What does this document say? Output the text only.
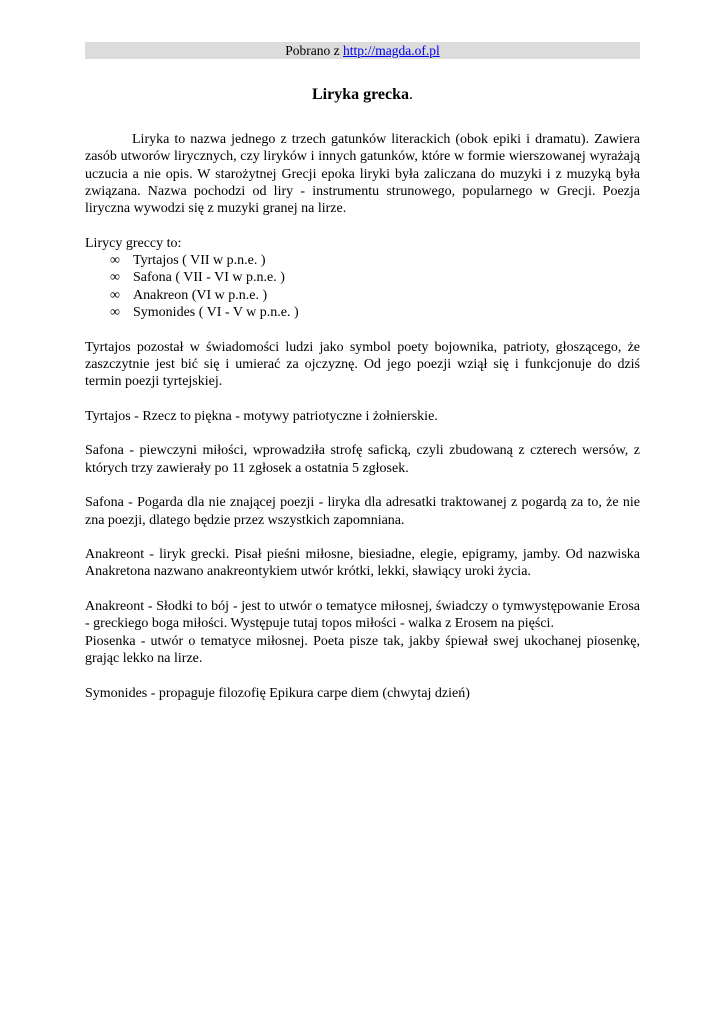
Pobrano z http://magda.of.pl
Liryka grecka.

Liryka to nazwa jednego z trzech gatunków literackich (obok epiki i dramatu). Zawiera zasób utworów lirycznych, czy liryków i innych gatunków, które w formie wierszowanej wyrażają uczucia a nie opis. W starożytnej Grecji epoka liryki była zaliczana do muzyki i z muzyką była związana. Nazwa pochodzi od liry - instrumentu strunowego, popularnego w Grecji. Poezja liryczna wywodzi się z muzyki granej na lirze.

Lirycy greccy to:

∞ Tyrtajos ( VII w p.n.e. )
∞ Safona ( VII - VI w p.n.e. )
∞ Anakreon (VI w p.n.e. )
∞ Symonides ( VI - V w p.n.e. )

Tyrtajos pozostał w świadomości ludzi jako symbol poety bojownika, patrioty, głoszącego, że zaszczytnie jest bić się i umierać za ojczyznę. Od jego poezji wziął się i funkcjonuje do dziś termin poezji tyrtejskiej.

Tyrtajos - Rzecz to piękna - motywy patriotyczne i żołnierskie.

Safona - piewczyni miłości, wprowadziła strofę saficką, czyli zbudowaną z czterech wersów, z których trzy zawierały po 11 zgłosek a ostatnia 5 zgłosek.

Safona - Pogarda dla nie znającej poezji - liryka dla adresatki traktowanej z pogardą za to, że nie zna poezji, dlatego będzie przez wszystkich zapomniana.

Anakreont - liryk grecki. Pisał pieśni miłosne, biesiadne, elegie, epigramy, jamby. Od nazwiska Anakretona nazwano anakreontykiem utwór krótki, lekki, sławiący uroki życia.

Anakreont - Słodki to bój - jest to utwór o tematyce miłosnej, świadczy o tymwystępowanie Erosa - greckiego boga miłości. Występuje tutaj topos miłości - walka z Erosem na pięści.

Piosenka - utwór o tematyce miłosnej. Poeta pisze tak, jakby śpiewał swej ukochanej piosenkę, grając lekko na lirze.

Symonides - propaguje filozofię Epikura carpe diem (chwytaj dzień)
